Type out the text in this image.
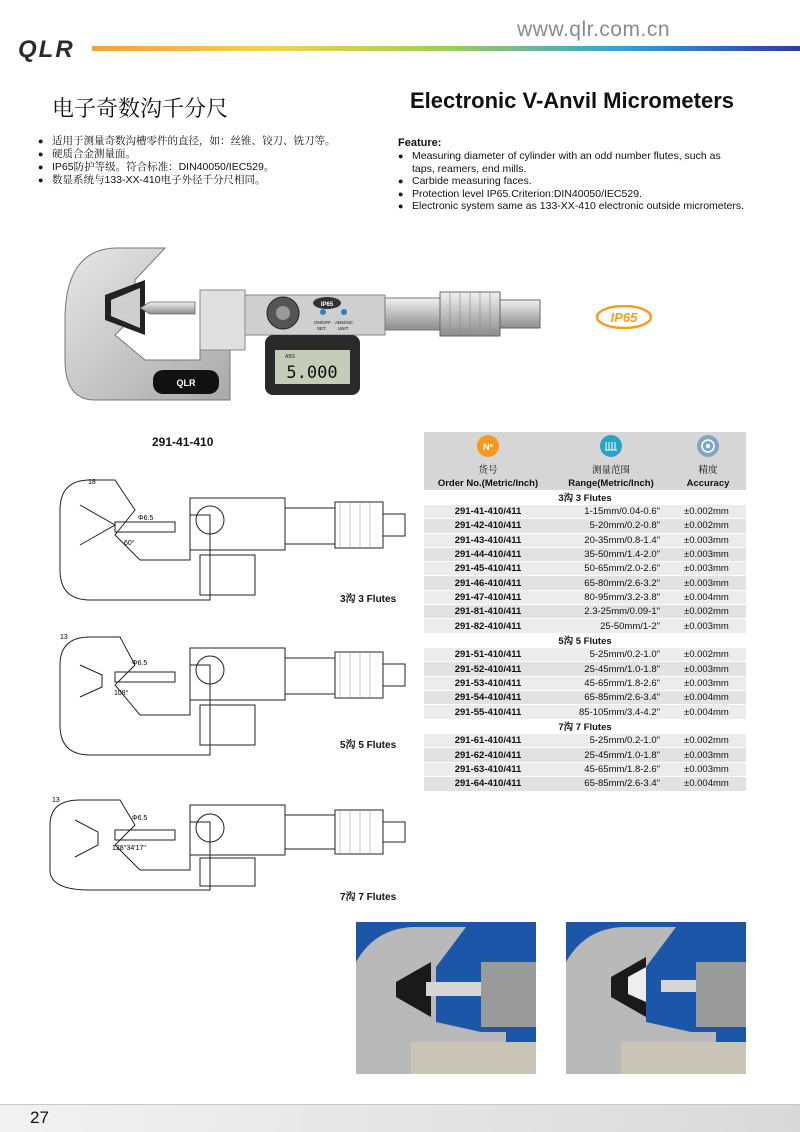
QLR
www.qlr.com.cn
电子奇数沟千分尺	Electronic V-Anvil Micrometers
● 适用于测量奇数沟槽零件的直径，如：丝锥、铰刀、铣刀等。
● 硬质合金测量面。
● IP65防护等级。符合标准：DIN40050/IEC529。
● 数显系统与133-XX-410电子外径千分尺相同。
Feature:
● Measuring diameter of cylinder with an odd number flutes, such as
taps, reamers, end mills.
● Carbide measuring faces.
● Protection level IP65.Criterion:DIN40050/IEC529.
● Electronic system same as 133-XX-410 electronic outside micrometers.
QLR
ABS
5.000
ON/OFF ABS/INC
SET	UNIT
IP65
IP65
291-41-410
18
Φ6.5
60°
3沟 3 Flutes
13
Φ6.5
108°
5沟 5 Flutes
13
Φ6.5
128°34'17"
7沟 7 Flutes
Nº

货号	测量范围	精度
Order No.(Metric/Inch)	Range(Metric/Inch)	Accuracy
3沟 3 Flutes		
291-41-410/411	1-15mm/0.04-0.6"	±0.002mm
291-42-410/411	5-20mm/0.2-0.8"	±0.002mm
291-43-410/411	20-35mm/0.8-1.4"	±0.003mm
291-44-410/411	35-50mm/1.4-2.0"	±0.003mm
291-45-410/411	50-65mm/2.0-2.6"	±0.003mm
291-46-410/411	65-80mm/2.6-3.2"	±0.003mm
291-47-410/411	80-95mm/3.2-3.8"	±0.004mm
291-81-410/411	2.3-25mm/0.09-1"	±0.002mm
291-82-410/411	25-50mm/1-2"	±0.003mm
5沟 5 Flutes		
291-51-410/411	5-25mm/0.2-1.0"	±0.002mm
291-52-410/411	25-45mm/1.0-1.8"	±0.003mm
291-53-410/411	45-65mm/1.8-2.6"	±0.003mm
291-54-410/411	65-85mm/2.6-3.4"	±0.004mm
291-55-410/411	85-105mm/3.4-4.2"	±0.004mm
7沟 7 Flutes		
291-61-410/411	5-25mm/0.2-1.0"	±0.002mm
291-62-410/411	25-45mm/1.0-1.8"	±0.003mm
291-63-410/411	45-65mm/1.8-2.6"	±0.003mm
291-64-410/411	65-85mm/2.6-3.4"	±0.004mm
27
